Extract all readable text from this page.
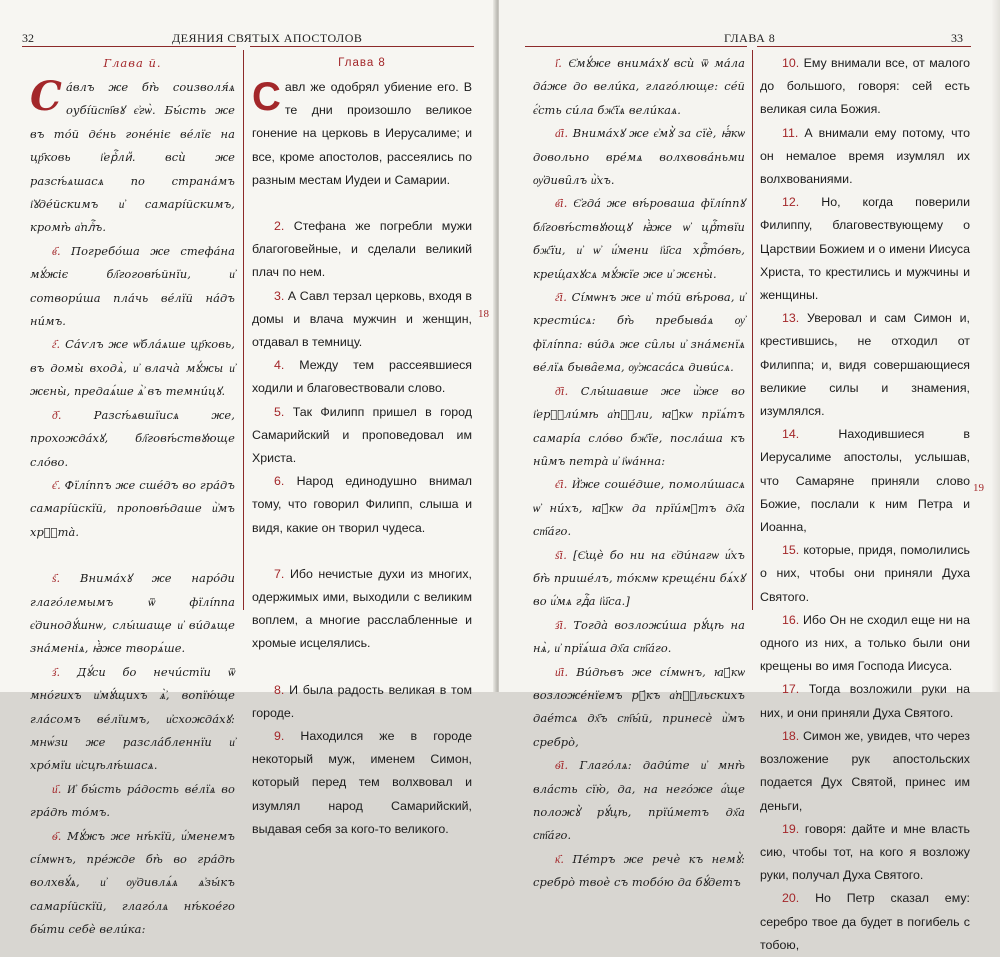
32	ДЕЯНИЯ СВЯТЫХ АПОСТОЛОВ
Глава й.

Са́влъ же бѣ̀ соизволя́ѧ оубі́йст҃вꙋ є҆гѡ̀. Бы́сть же въ то́й дє́нь гоне́ніє ве́лїє на цр҃ковь і҆ерⷭ҇лиⷨ. всѝ же разсѣ́ѧшасѧ по страна́мъ і҆ꙋде́йскимъ и҆ самарі́йскимъ, кромѣ̀ а҆плⷭ҇ъ.

в҃. Погребо́ша же стефа́на мꙋ́жіє бл҃гоговѣ́йнїи, и҆ сотвори́ша пла́чь ве́лїй на́дъ ни́мъ.

г҃. Са́ѵлъ же ѡ҆бла́ѧше цр҃ковь, въ домы̀ входѧ̀, и҆ влача̀ мꙋ́жы и҆ жєны̀, предаѧ́ше ѧ҆̀ въ темни́цꙋ.

д҃.	Разсѣ́ѧвшїисѧ же, прохожда́хꙋ, бл҃говѣ́ствꙋюще сло́во.

є҃. Фїлі́ппъ же сше́дъ во гра́дъ самарі́йскїй, проповѣ́даше и҆̀мъ хрⷭ҇та̀.

ѕ҃. Внима́хꙋ же наро́ди глаго́лемымъ ѿ фїлі́ппа є҆динодꙋ́шнѡ, слы́шаще и҆ ви́дѧще зна́меніѧ, ꙗ҆̀же творѧ́ше.

з҃. Дꙋ́си бо нечи́стїи ѿ мно́гихъ и҆мꙋ́щихъ ѧ҆̀, вопїю́ще гла́сомъ ве́лїимъ, и҆схожда́хꙋ: мнѡ́зи же разсла́бленнїи и҆ хро́мїи и҆сцѣлѣ́шасѧ.

и҃. И҆ бы́сть ра́дость ве́лїѧ во гра́дѣ то́мъ.

ѳ҃. Мꙋ́жъ же нѣ́кїй, и҆́менемъ сі́мѡнъ, пре́жде бѣ̀ во гра́дѣ волхвꙋ́ѧ, и҆ ѹ҆дивлѧ́ѧ ѧ҆зы́къ самарі́йскїй, глаго́лѧ нѣ́кое́го бы́ти себѐ вели́ка:

Глава 8

Савл же одобрял убиение его. В те дни произошло великое гонение на церковь в Иерусалиме; и все, кроме апостолов, рассеялись по разным местам Иудеи и Самарии.

2. Стефана же погребли мужи благоговейные, и сделали великий плач по нем.

3. А Савл терзал церковь, входя в домы и влача мужчин и женщин, отдавал в темницу.

4. Между тем рассеявшиеся ходили и благовествовали слово.

5. Так Филипп пришел в город Самарийский и проповедовал им Христа.

6. Народ единодушно внимал тому, что говорил Филипп, слыша и видя, какие он творил чудеса.

7. Ибо нечистые духи из многих, одержимых ими, выходили с великим воплем, а многие расслабленные и хромые исцелялись.

8. И была радость великая в том городе.

9. Находился же в городе некоторый муж, именем Симон, который перед тем волхвовал и изумлял народ Самарийский, выдавая себя за кого-то великого.

18
ГЛАВА 8	33

і҃. Є҆мꙋ́же внима́хꙋ всѝ ѿ ма́ла да́же до вели́ка, глаго́люще: се́й є҆́сть си́ла бж҃їѧ вели́каѧ.

а҃і. Внима́хꙋ же є҆мꙋ̀ за сїѐ, ꙗ҆́кѡ довольно вре́мѧ волхвова́ньми ѹ҆диви̑лъ и҆̀хъ.

в҃і. Є҆гда́ же вѣ́роваша фїлі́ппꙋ бл҃говѣ́ствꙋющꙋ ꙗ҆̀же ѡ҆ црⷭ҇твїи бж҃їи, и҆ ѡ҆ и҆́мени і҆и҃са хрⷭ҇то́вѣ, крещ́ахꙋсѧ мꙋ́жїе же и҆ жєны̀.

г҃і. Сі́мѡнъ же и҆ то́й вѣ́рова, и҆ крести́сѧ: бѣ̀ пребыва́ѧ ѹ҆ фїлі́ппа: ви́дѧ же си̑лы и҆ зна́мєнїѧ ве́лїѧ быва̑ема, ѹ҆жаса́сѧ диви́сѧ.

д҃і. Слы́шавше же и҆̀же во і҆ерⷭ҇ли́мѣ а҆пⷭ҇ли, ꙗ҆́кѡ прїѧ́тъ самарі́а сло́во бж҃їе, посла́ша къ ни̑мъ петра̀ и҆ і҆ѡа́нна:

є҃і. И҆̀же соше́дше, помоли́шасѧ ѡ҆ ни́хъ, ꙗ҆́кѡ да прїи́мꙋтъ дх҃а ст҃а́го.

ѕ҃і. [Є҆щѐ бо ни на є҆ди́нагѡ и҆́хъ бѣ̀ прише́лъ, то́кмѡ крещє́ни бѧ́хꙋ во и҆́мѧ гдⷭ҇а і҆и҃са.]

з҃і. Тогда̀ возложи́ша рꙋ́цѣ на нѧ̀, и҆ прїѧ́ша дх҃а ст҃а́го.

и҃і. Ви́дѣвъ же сі́мѡнъ, ꙗ҆́кѡ возложе́нїемъ рꙋ́къ а҆пⷭ҇льскихъ дае́тсѧ дх҃ъ ст҃ы́й, принесѐ и҆̀мъ сребро̀,

ѳ҃і. Глаго́лѧ: дади́те и҆ мнѣ̀ вла́сть сїю̀, да, на него́же а҆́ще положꙋ̀ рꙋ́цѣ, прїи́метъ дх҃а ст҃а́го.

к҃. Пе́тръ же речѐ къ немꙋ̀: сребро̀ твоѐ съ тобо́ю да бꙋ́детъ

10. Ему внимали все, от малого до большого, говоря: сей есть великая сила Божия.

11. А внимали ему потому, что он немалое время изумлял их волхвованиями.

12. Но, когда поверили Филиппу, благовествующему о Царствии Божием и о имени Иисуса Христа, то крестились и мужчины и женщины.

13. Уверовал и сам Симон и, крестившись, не отходил от Филиппа; и, видя совершающиеся великие силы и знамения, изумлялся.

14.	Находившиеся в Иерусалиме апостолы, услышав, что Самаряне приняли слово Божие, послали к ним Петра и Иоанна,

15. которые, придя, помолились о них, чтобы они приняли Духа Святого.

16. Ибо Он не сходил еще ни на одного из них, а только были они крещены во имя Господа Иисуса.

17. Тогда возложили руки на них, и они приняли Духа Святого.

18. Симон же, увидев, что через возложение рук апостольских подается Дух Святой, принес им деньги,

19. говоря: дайте и мне власть сию, чтобы тот, на кого я возложу руки, получал Духа Святого.

20. Но Петр сказал ему: серебро твое да будет в погибель с тобою,

19
